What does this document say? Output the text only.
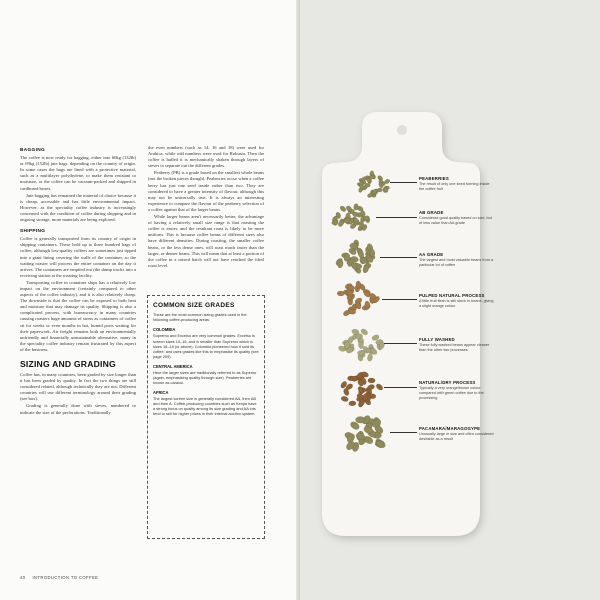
BAGGING

The coffee is now ready for bagging, either into 60kg (132lb) or 69kg (152lb) jute bags, depending on the country of origin. In some cases the bags are lined with a protective material, such as a multilayer polythylene, to make them resistant to moisture, or the coffee can be vacuum-packed and shipped in cardboard boxes.

Jute bagging has remained the material of choice because it is cheap, accessible and has little environmental impact. However, as the speciality coffee industry is increasingly concerned with the condition of coffee during shipping and in ongoing storage, more materials are being explored.

SHIPPING

Coffee is generally transported from its country of origin in shipping containers. These hold up to three hundred bags of coffee, although low-quality coffees are sometimes just tipped into a giant lining covering the walls of the container, so the waiting roaster will process the entire container on the day it arrives. The containers are emptied out (the dump trucks into a receiving station at the roasting facility.

Transporting coffee in container ships has a relatively low impact on the environment (certainly compared to other aspects of the coffee industry), and it is also relatively cheap. The downside is that the coffee can be exposed to both heat and moisture that may damage its quality. Shipping is also a complicated process, with bureaucracy in many countries causing roasters huge amounts of stress as containers of coffee sit for weeks or even months in hot, humid ports waiting for their paperwork. Air freight remains both an environmentally unfriendly and financially unsustainable alternative, many in the speciality coffee industry remain frustrated by this aspect of the business.

SIZING AND GRADING

Coffee has, in many countries, been graded by size longer than it has been graded by quality. In fact the two things are still considered related, although technically they are not. Different countries will use different terminology around their grading (see box).

Grading is generally done with sieves, numbered to indicate the size of the perforations. Traditionally

the even numbers (such as 14, 16 and 18) were used for Arabica, while odd numbers were used for Robusta. Then the coffee is hulled it is mechanically shaken through layers of sieves to separate out the different grades.

Peaberry (PB) is a grade based on the smallest whole beans (not the broken pieces though). Peaberries occur when a coffee berry has just one seed inside rather than two. They are considered to have a greater intensity of flavour, although this may not be universally true. It is always an interesting experience to compare the flavour of the peaberry selection of a coffee against that of the larger beans.

While larger beans aren't necessarily better, the advantage of having a relatively small size range is that roasting the coffee is easier, and the resultant roast is likely to be more uniform. This is because coffee beans of different sizes also have different densities. During roasting, the smaller coffee beans, or the less dense ones, will roast much faster than the larger, or denser beans. This will mean that at least a portion of the coffee in a mixed batch will not have reached the ideal roast level.

COMMON SIZE GRADES

These are the most common sizing grades used in the following coffee-producing areas:

COLOMBIA

Supremo and Excelso are very common grades. Excelso is screen sizes 14–16, and is smaller than Supremo which is sizes 16–18 (or above). Colombia pioneered how it sold its coffee, and uses grades like this to emphasise its quality (see page 209).

CENTRAL AMERICA

Here the larger sizes are traditionally referred to as Superior (again, emphasising quality through size). Peaberries are known as caracol.

AFRICA

The largest screen size is generally considered AA, then AB and then A. Coffee-producing countries such as Kenya have a strong focus on quality among its size grading and AA lots tend to sell for higher prices in their internal auction system.

40 INTRODUCTION TO COFFEE
PEABERRIES

The result of only one seed forming inside the coffee fruit

AB GRADE

Considered good quality based on size, but of less value than AA grade

AA GRADE

The largest and most valuable beans from a particular lot of coffee

PULPED NATURAL PROCESS

A little fruit flesh is still stuck to beans, giving a slight orange colour

FULLY WASHED

These fully washed beans appear cleaner than the other two processes

NATURAL/DRY PROCESS

Typically a very orange/brown colour compared with green coffee due to the processing

PACAMARA/MARAGOGYPE

Unusually large in size and often considered desirable as a result
